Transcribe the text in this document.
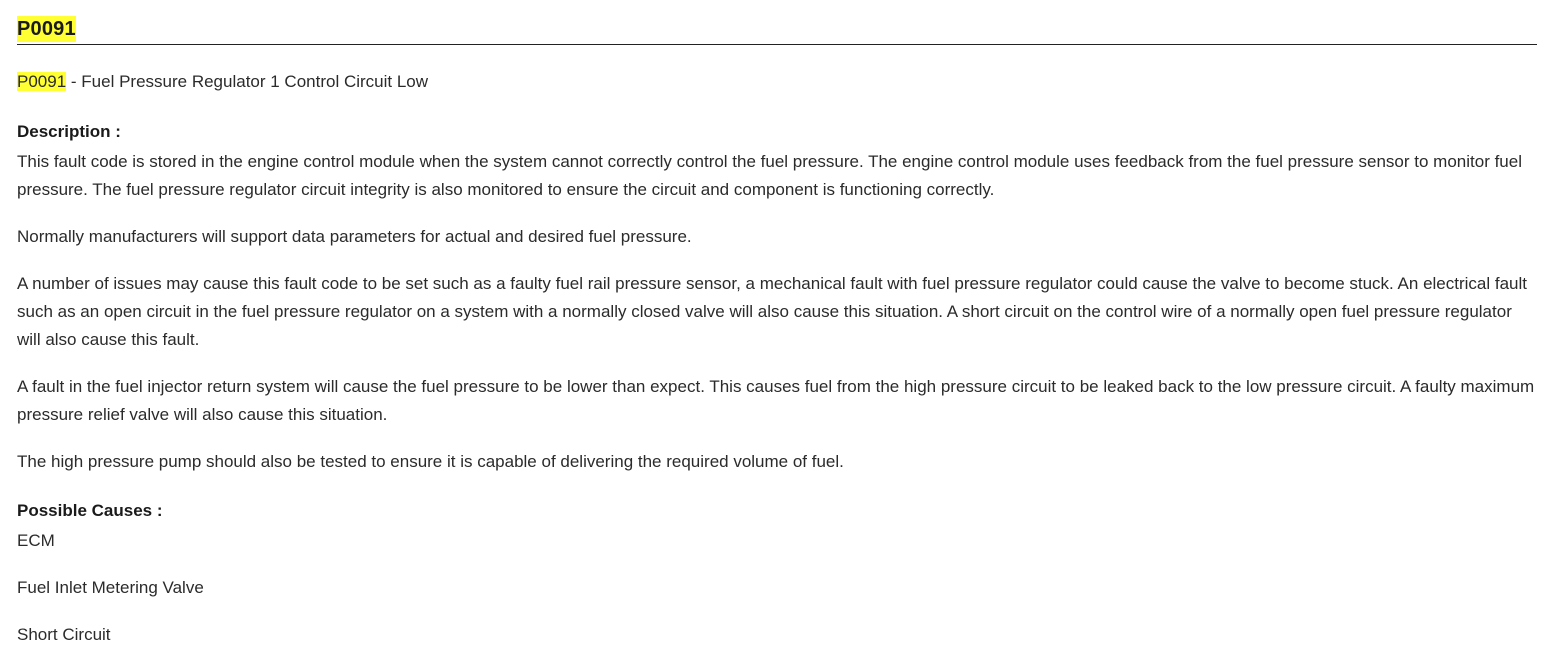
P0091
P0091 - Fuel Pressure Regulator 1 Control Circuit Low
Description :

This fault code is stored in the engine control module when the system cannot correctly control the fuel pressure. The engine control module uses feedback from the fuel pressure sensor to monitor fuel pressure. The fuel pressure regulator circuit integrity is also monitored to ensure the circuit and component is functioning correctly.

Normally manufacturers will support data parameters for actual and desired fuel pressure.

A number of issues may cause this fault code to be set such as a faulty fuel rail pressure sensor, a mechanical fault with fuel pressure regulator could cause the valve to become stuck. An electrical fault such as an open circuit in the fuel pressure regulator on a system with a normally closed valve will also cause this situation. A short circuit on the control wire of a normally open fuel pressure regulator will also cause this fault.

A fault in the fuel injector return system will cause the fuel pressure to be lower than expect. This causes fuel from the high pressure circuit to be leaked back to the low pressure circuit. A faulty maximum pressure relief valve will also cause this situation.

The high pressure pump should also be tested to ensure it is capable of delivering the required volume of fuel.

Possible Causes :
ECM
Fuel Inlet Metering Valve
Short Circuit
